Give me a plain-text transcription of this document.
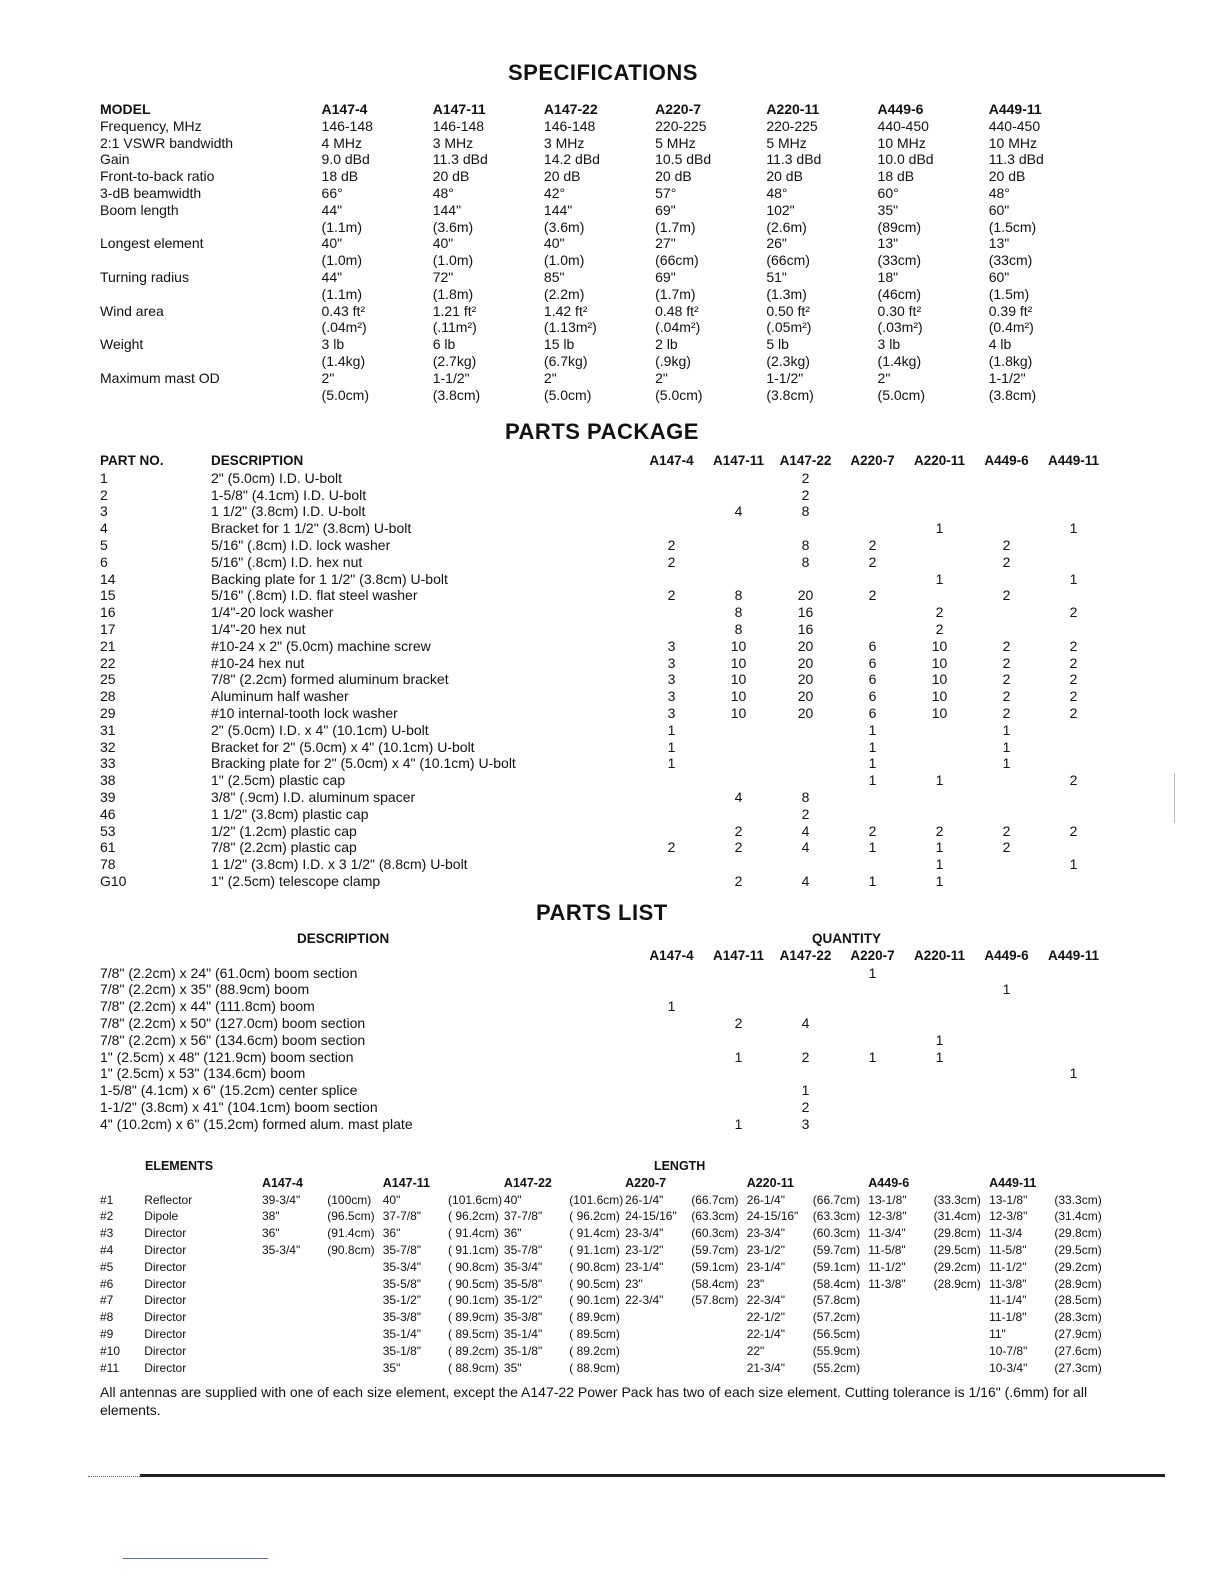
SPECIFICATIONS
MODEL	A147-4	A147-11	A147-22	A220-7	A220-11	A449-6	A449-11
Frequency, MHz	146-148	146-148	146-148	220-225	220-225	440-450	440-450
2:1 VSWR bandwidth	4 MHz	3 MHz	3 MHz	5 MHz	5 MHz	10 MHz	10 MHz
Gain	9.0 dBd	11.3 dBd	14.2 dBd	10.5 dBd	11.3 dBd	10.0 dBd	11.3 dBd
Front-to-back ratio	18 dB	20 dB	20 dB	20 dB	20 dB	18 dB	20 dB
3-dB beamwidth	66°	48°	42°	57°	48°	60°	48°
Boom length	44"	144"	144"	69"	102"	35"	60"
	(1.1m)	(3.6m)	(3.6m)	(1.7m)	(2.6m)	(89cm)	(1.5cm)
Longest element	40"	40"	40"	27"	26"	13"	13"
	(1.0m)	(1.0m)	(1.0m)	(66cm)	(66cm)	(33cm)	(33cm)
Turning radius	44"	72"	85"	69"	51"	18"	60"
	(1.1m)	(1.8m)	(2.2m)	(1.7m)	(1.3m)	(46cm)	(1.5m)
Wind area	0.43 ft²	1.21 ft²	1.42 ft²	0.48 ft²	0.50 ft²	0.30 ft²	0.39 ft²
	(.04m²)	(.11m²)	(1.13m²)	(.04m²)	(.05m²)	(.03m²)	(0.4m²)
Weight	3 lb	6 lb	15 lb	2 lb	5 lb	3 lb	4 lb
	(1.4kg)	(2.7kg)	(6.7kg)	(.9kg)	(2.3kg)	(1.4kg)	(1.8kg)
Maximum mast OD	2"	1-1/2"	2"	2"	1-1/2"	2"	1-1/2"
	(5.0cm)	(3.8cm)	(5.0cm)	(5.0cm)	(3.8cm)	(5.0cm)	(3.8cm)
PARTS PACKAGE
PART NO.	DESCRIPTION	A147-4	A147-11	A147-22	A220-7	A220-11	A449-6	A449-11
1	2" (5.0cm) I.D. U-bolt			2				
2	1-5/8" (4.1cm) I.D. U-bolt			2				
3	1 1/2" (3.8cm) I.D. U-bolt		4	8				
4	Bracket for 1 1/2" (3.8cm) U-bolt					1		1
5	5/16" (.8cm) I.D. lock washer	2		8	2		2	
6	5/16" (.8cm) I.D. hex nut	2		8	2		2	
14	Backing plate for 1 1/2" (3.8cm) U-bolt					1		1
15	5/16" (.8cm) I.D. flat steel washer	2	8	20	2		2	
16	1/4"-20 lock washer		8	16		2		2
17	1/4"-20 hex nut		8	16		2		
21	#10-24 x 2" (5.0cm) machine screw	3	10	20	6	10	2	2
22	#10-24 hex nut	3	10	20	6	10	2	2
25	7/8" (2.2cm) formed aluminum bracket	3	10	20	6	10	2	2
28	Aluminum half washer	3	10	20	6	10	2	2
29	#10 internal-tooth lock washer	3	10	20	6	10	2	2
31	2" (5.0cm) I.D. x 4" (10.1cm) U-bolt	1			1		1	
32	Bracket for 2" (5.0cm) x 4" (10.1cm) U-bolt	1			1		1	
33	Bracking plate for 2" (5.0cm) x 4" (10.1cm) U-bolt	1			1		1	
38	1" (2.5cm) plastic cap				1	1		2
39	3/8" (.9cm) I.D. aluminum spacer		4	8				
46	1 1/2" (3.8cm) plastic cap			2				
53	1/2" (1.2cm) plastic cap		2	4	2	2	2	2
61	7/8" (2.2cm) plastic cap	2	2	4	1	1	2	
78	1 1/2" (3.8cm) I.D. x 3 1/2" (8.8cm) U-bolt					1		1
G10	1" (2.5cm) telescope clamp		2	4	1	1		
PARTS LIST
DESCRIPTION	QUANTITY						
	A147-4	A147-11	A147-22	A220-7	A220-11	A449-6	A449-11
7/8" (2.2cm) x 24" (61.0cm) boom section				1			
7/8" (2.2cm) x 35" (88.9cm) boom						1	
7/8" (2.2cm) x 44" (111.8cm) boom	1						
7/8" (2.2cm) x 50" (127.0cm) boom section		2	4				
7/8" (2.2cm) x 56" (134.6cm) boom section					1		
1" (2.5cm) x 48" (121.9cm) boom section		1	2	1	1		
1" (2.5cm) x 53" (134.6cm) boom							1
1-5/8" (4.1cm) x 6" (15.2cm) center splice			1				
1-1/2" (3.8cm) x 41" (104.1cm) boom section			2				
4" (10.2cm) x 6" (15.2cm) formed alum. mast plate		1	3				
ELEMENTS		LENGTH													
		A147-4		A147-11		A147-22		A220-7		A220-11		A449-6		A449-11	
#1	Reflector	39-3/4"	(100cm)	40"	(101.6cm)	40"	(101.6cm)	26-1/4"	(66.7cm)	26-1/4"	(66.7cm)	13-1/8"	(33.3cm)	13-1/8"	(33.3cm)
#2	Dipole	38"	(96.5cm)	37-7/8"	( 96.2cm)	37-7/8"	( 96.2cm)	24-15/16"	(63.3cm)	24-15/16"	(63.3cm)	12-3/8"	(31.4cm)	12-3/8"	(31.4cm)
#3	Director	36"	(91.4cm)	36"	( 91.4cm)	36"	( 91.4cm)	23-3/4"	(60.3cm)	23-3/4"	(60.3cm)	11-3/4"	(29.8cm)	11-3/4	(29.8cm)
#4	Director	35-3/4"	(90.8cm)	35-7/8"	( 91.1cm)	35-7/8"	( 91.1cm)	23-1/2"	(59.7cm)	23-1/2"	(59.7cm)	11-5/8"	(29.5cm)	11-5/8"	(29.5cm)
#5	Director			35-3/4"	( 90.8cm)	35-3/4"	( 90.8cm)	23-1/4"	(59.1cm)	23-1/4"	(59.1cm)	11-1/2"	(29.2cm)	11-1/2"	(29.2cm)
#6	Director			35-5/8"	( 90.5cm)	35-5/8"	( 90.5cm)	23"	(58.4cm)	23"	(58.4cm)	11-3/8"	(28.9cm)	11-3/8"	(28.9cm)
#7	Director			35-1/2"	( 90.1cm)	35-1/2"	( 90.1cm)	22-3/4"	(57.8cm)	22-3/4"	(57.8cm)			11-1/4"	(28.5cm)
#8	Director			35-3/8"	( 89.9cm)	35-3/8"	( 89.9cm)			22-1/2"	(57.2cm)			11-1/8"	(28.3cm)
#9	Director			35-1/4"	( 89.5cm)	35-1/4"	( 89.5cm)			22-1/4"	(56.5cm)			11"	(27.9cm)
#10	Director			35-1/8"	( 89.2cm)	35-1/8"	( 89.2cm)			22"	(55.9cm)			10-7/8"	(27.6cm)
#11	Director			35"	( 88.9cm)	35"	( 88.9cm)			21-3/4"	(55.2cm)			10-3/4"	(27.3cm)

All antennas are supplied with one of each size element, except the A147-22 Power Pack has two of each size element. Cutting tolerance is 1/16" (.6mm) for all elements.
